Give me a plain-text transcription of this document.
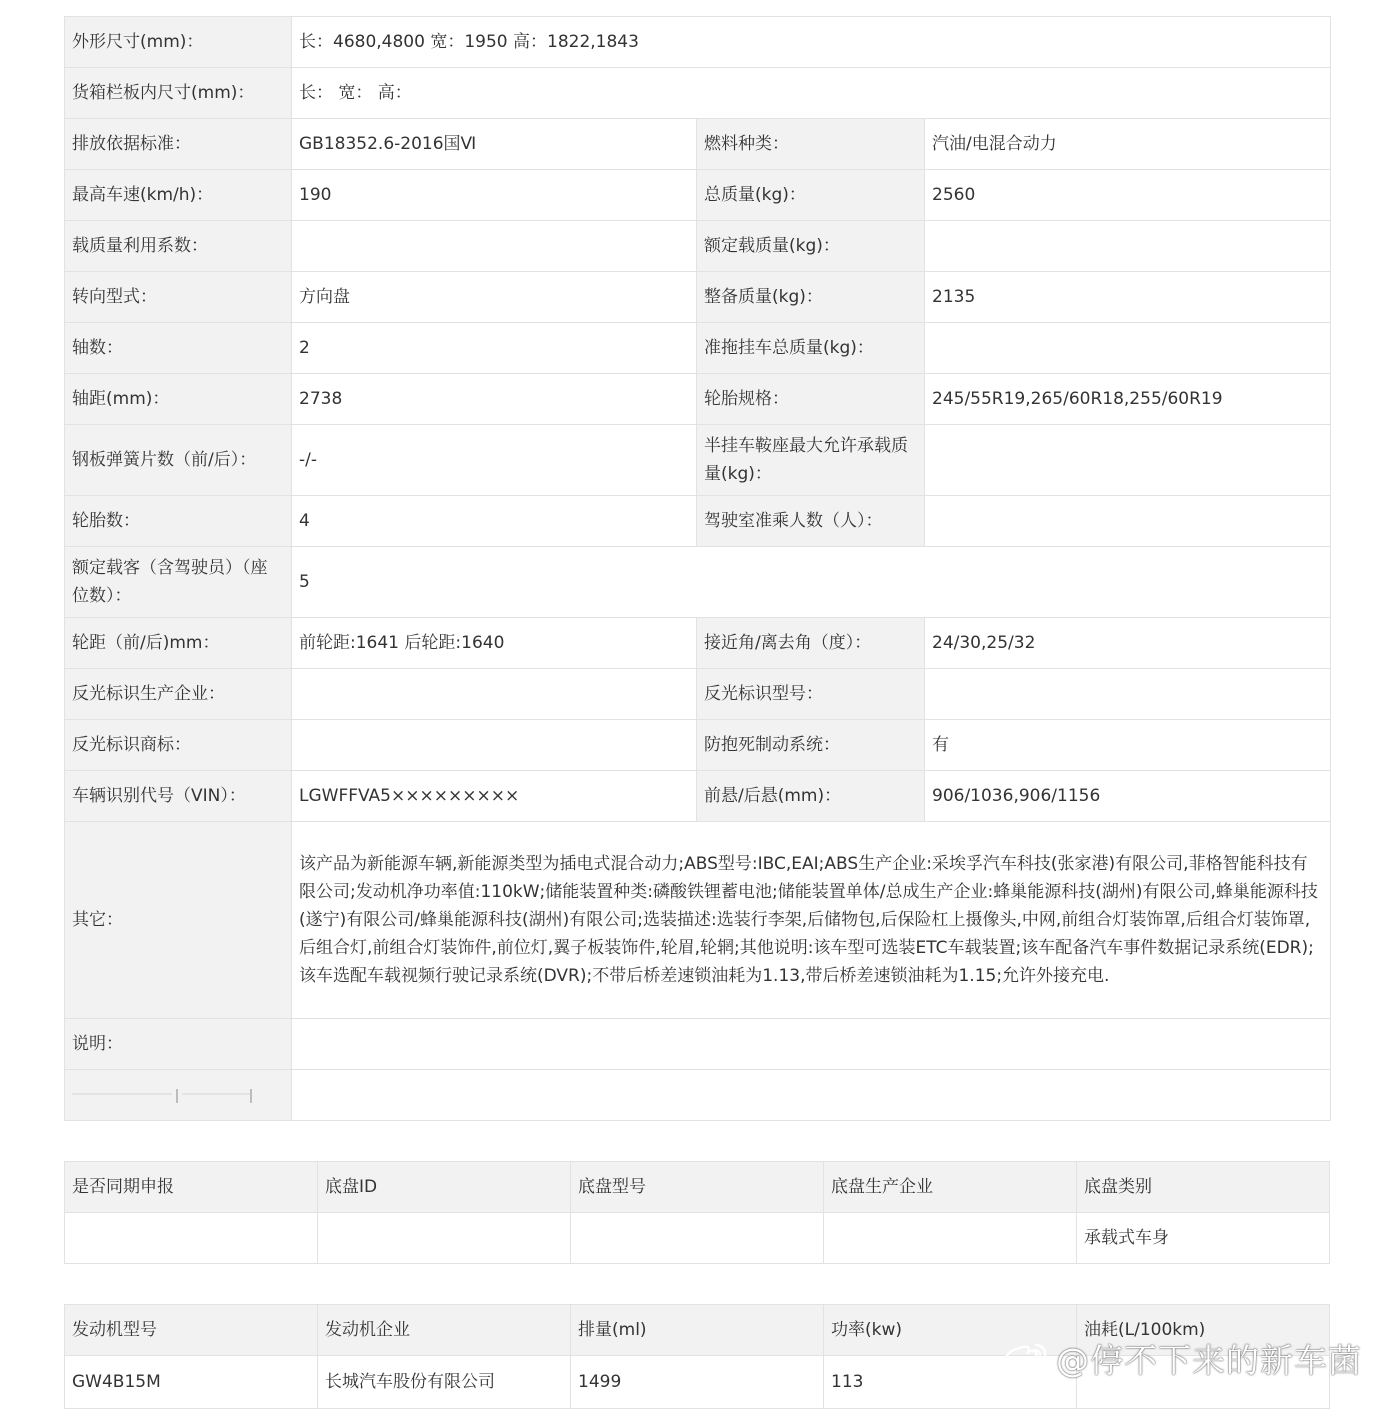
外形尺寸(mm)：	长：4680,4800 宽：1950 高：1822,1843		
货箱栏板内尺寸(mm)：	长： 宽： 高：		
排放依据标准：	GB18352.6-2016国Ⅵ	燃料种类：	汽油/电混合动力
最高车速(km/h)：	190	总质量(kg)：	2560
载质量利用系数：		额定载质量(kg)：	
转向型式：	方向盘	整备质量(kg)：	2135
轴数：	2	准拖挂车总质量(kg)：	
轴距(mm)：	2738	轮胎规格：	245/55R19,265/60R18,255/60R19
钢板弹簧片数（前/后）：	-/-	半挂车鞍座最大允许承载质量(kg)：	
轮胎数：	4	驾驶室准乘人数（人）：	
额定载客（含驾驶员）（座位数）：	5		
轮距（前/后)mm：	前轮距:1641 后轮距:1640	接近角/离去角（度）：	24/30,25/32
反光标识生产企业：		反光标识型号：	
反光标识商标：		防抱死制动系统：	有
车辆识别代号（VIN）：	LGWFFVA5×××××××××	前悬/后悬(mm)：	906/1036,906/1156
其它：	该产品为新能源车辆,新能源类型为插电式混合动力;ABS型号:IBC,EAI;ABS生产企业:采埃孚汽车科技(张家港)有限公司,菲格智能科技有限公司;发动机净功率值:110kW;储能装置种类:磷酸铁锂蓄电池;储能装置单体/总成生产企业:蜂巢能源科技(湖州)有限公司,蜂巢能源科技(遂宁)有限公司/蜂巢能源科技(湖州)有限公司;选装描述:选装行李架,后储物包,后保险杠上摄像头,中网,前组合灯装饰罩,后组合灯装饰罩,后组合灯,前组合灯装饰件,前位灯,翼子板装饰件,轮眉,轮辋;其他说明:该车型可选装ETC车载装置;该车配备汽车事件数据记录系统(EDR);该车选配车载视频行驶记录系统(DVR);不带后桥差速锁油耗为1.13,带后桥差速锁油耗为1.15;允许外接充电.		
说明：			

是否同期申报	底盘ID	底盘型号	底盘生产企业	底盘类别
				承载式车身
发动机型号	发动机企业	排量(ml)	功率(kw)	油耗(L/100km)
GW4B15M	长城汽车股份有限公司	1499	113	
@停不下来的新车菌
